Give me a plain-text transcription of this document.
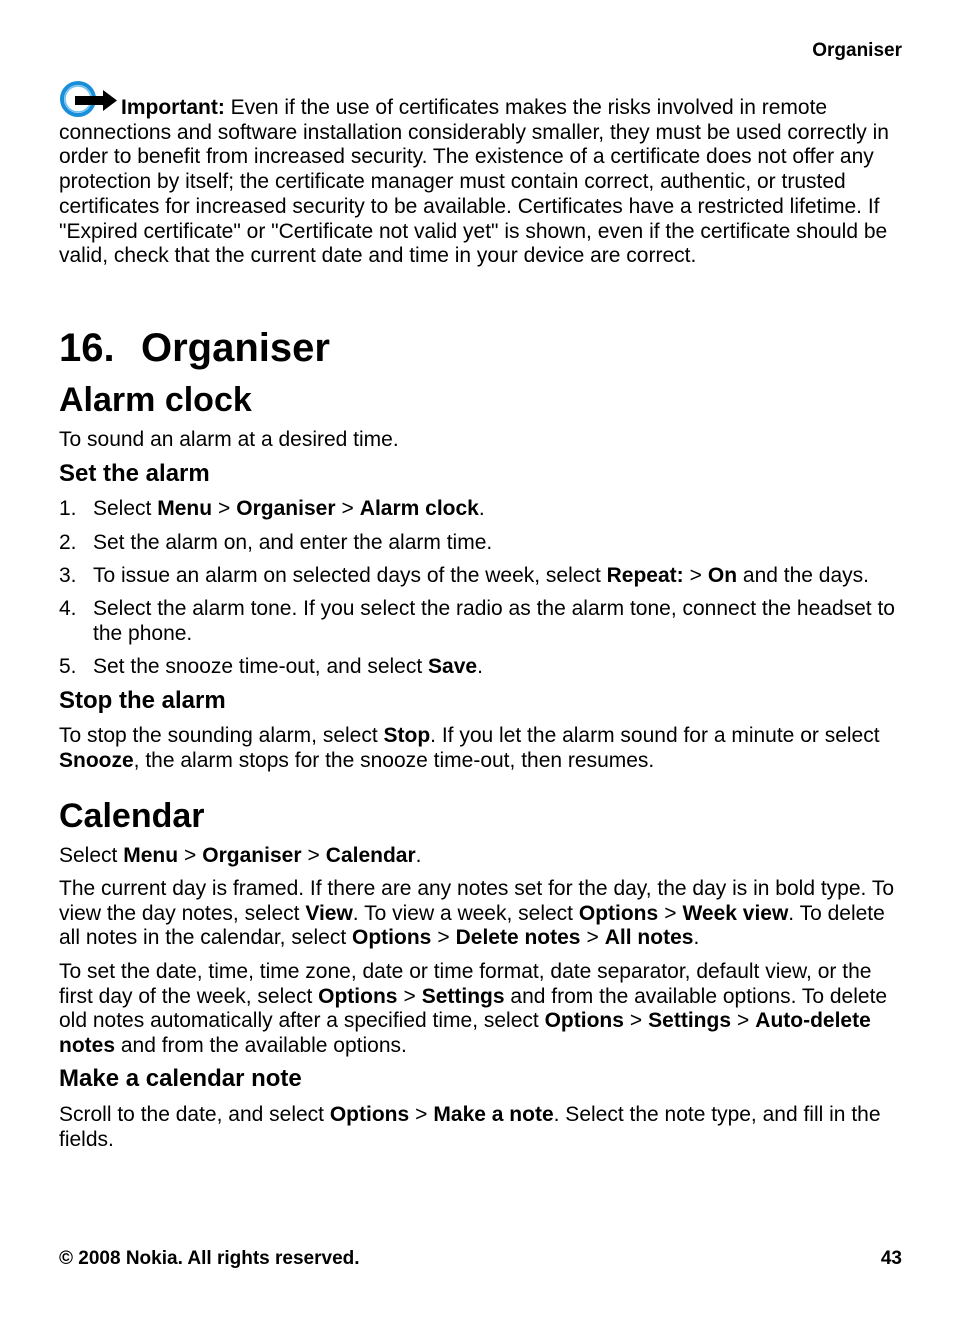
Organiser
Important: Even if the use of certificates makes the risks involved in remote connections and software installation considerably smaller, they must be used correctly in order to benefit from increased security. The existence of a certificate does not offer any protection by itself; the certificate manager must contain correct, authentic, or trusted certificates for increased security to be available. Certificates have a restricted lifetime. If "Expired certificate" or "Certificate not valid yet" is shown, even if the certificate should be valid, check that the current date and time in your device are correct.
16. Organiser
Alarm clock

To sound an alarm at a desired time.

Set the alarm
1. Select Menu > Organiser > Alarm clock.
2. Set the alarm on, and enter the alarm time.
3. To issue an alarm on selected days of the week, select Repeat: > On and the days.
4. Select the alarm tone. If you select the radio as the alarm tone, connect the headset to the phone.
5. Set the snooze time-out, and select Save.
Stop the alarm

To stop the sounding alarm, select Stop. If you let the alarm sound for a minute or select Snooze, the alarm stops for the snooze time-out, then resumes.

Calendar

Select Menu > Organiser > Calendar.

The current day is framed. If there are any notes set for the day, the day is in bold type. To view the day notes, select View. To view a week, select Options > Week view. To delete all notes in the calendar, select Options > Delete notes > All notes.

To set the date, time, time zone, date or time format, date separator, default view, or the first day of the week, select Options > Settings and from the available options. To delete old notes automatically after a specified time, select Options > Settings > Auto-delete notes and from the available options.

Make a calendar note

Scroll to the date, and select Options > Make a note. Select the note type, and fill in the fields.

© 2008 Nokia. All rights reserved.	43
